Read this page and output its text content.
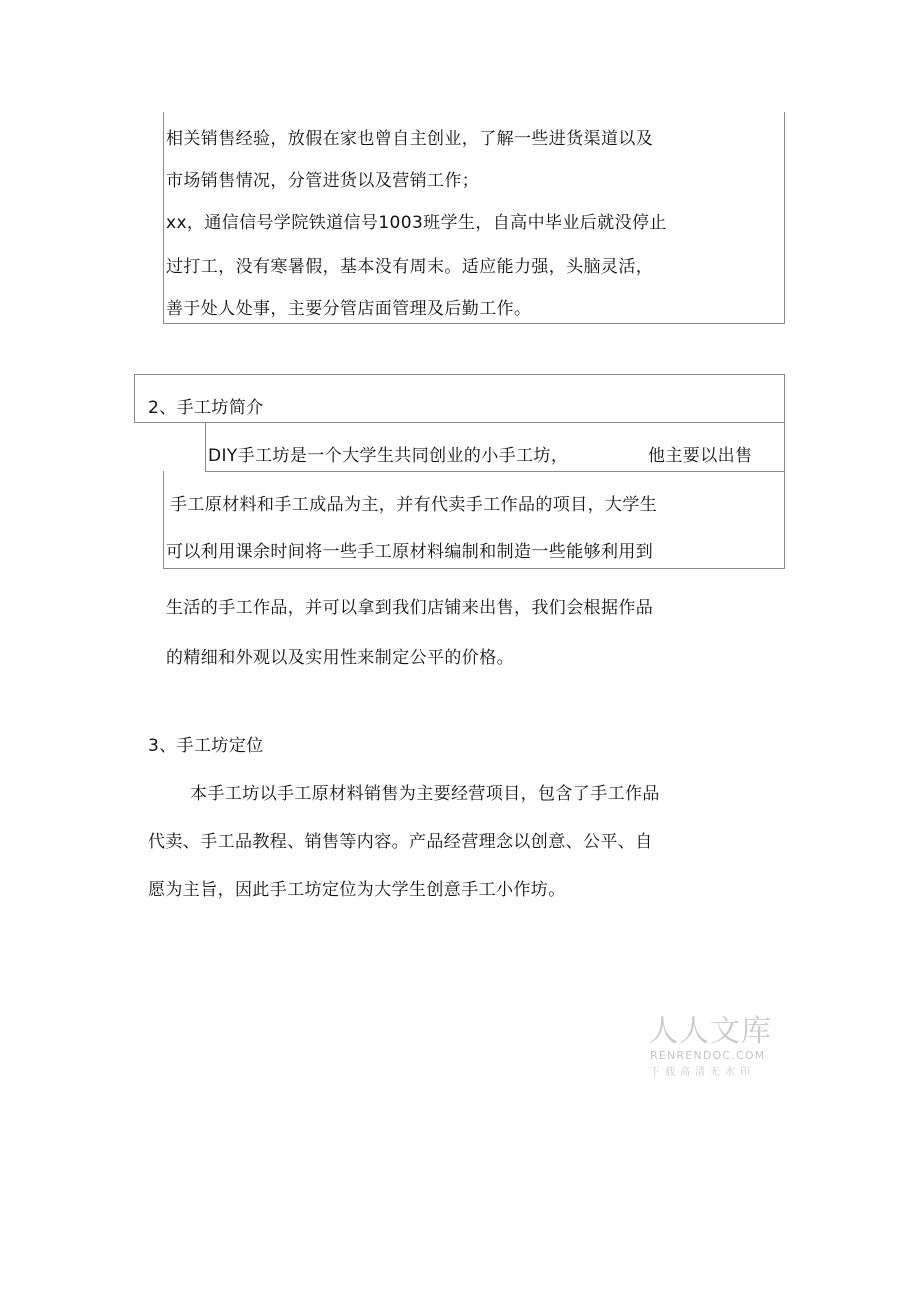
相关销售经验，放假在家也曾自主创业，了解一些进货渠道以及
市场销售情况，分管进货以及营销工作；
xx，通信信号学院铁道信号1003班学生，自高中毕业后就没停止
过打工，没有寒暑假，基本没有周末。适应能力强，头脑灵活，
善于处人处事，主要分管店面管理及后勤工作。
2、手工坊简介
DIY手工坊是一个大学生共同创业的小手工坊，	他主要以出售
手工原材料和手工成品为主，并有代卖手工作品的项目，大学生
可以利用课余时间将一些手工原材料编制和制造一些能够利用到
生活的手工作品，并可以拿到我们店铺来出售，我们会根据作品
的精细和外观以及实用性来制定公平的价格。
3、手工坊定位
本手工坊以手工原材料销售为主要经营项目，包含了手工作品
代卖、手工品教程、销售等内容。产品经营理念以创意、公平、自
愿为主旨，因此手工坊定位为大学生创意手工小作坊。
人人文库
RENRENDOC.COM
下载高清无水印
